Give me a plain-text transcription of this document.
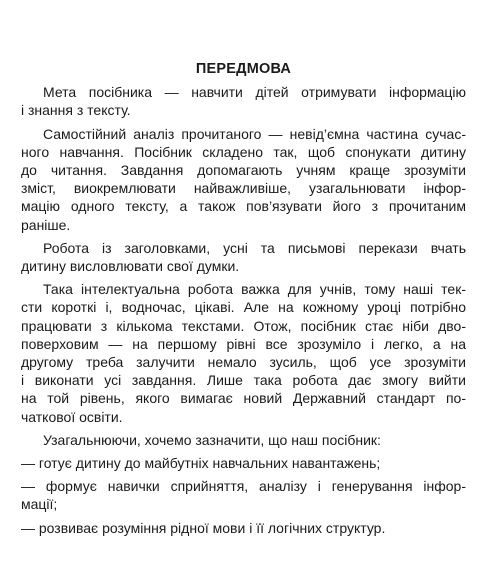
ПЕРЕДМОВА
Мета посібника — навчити дітей отримувати інформацію
і знання з тексту.
Самостійний аналіз прочитаного — невід’ємна частина сучас-
ного навчання. Посібник складено так, щоб спонукати дитину
до читання. Завдання допомагають учням краще зрозуміти
зміст, виокремлювати найважливіше, узагальнювати інфор-
мацію одного тексту, а також пов’язувати його з прочитаним
раніше.
Робота із заголовками, усні та письмові перекази вчать
дитину висловлювати свої думки.
Така інтелектуальна робота важка для учнів, тому наші тек-
сти короткі і, водночас, цікаві. Але на кожному уроці потрібно
працювати з кількома текстами. Отож, посібник стає ніби дво-
поверховим — на першому рівні все зрозуміло і легко, а на
другому треба залучити немало зусиль, щоб усе зрозуміти
і виконати усі завдання. Лише така робота дає змогу вийти
на той рівень, якого вимагає новий Державний стандарт по-
чаткової освіти.
Узагальнюючи, хочемо зазначити, що наш посібник:
— готує дитину до майбутніх навчальних навантажень;
— формує навички сприйняття, аналізу і генерування інфор-
мації;
— розвиває розуміння рідної мови і її логічних структур.
